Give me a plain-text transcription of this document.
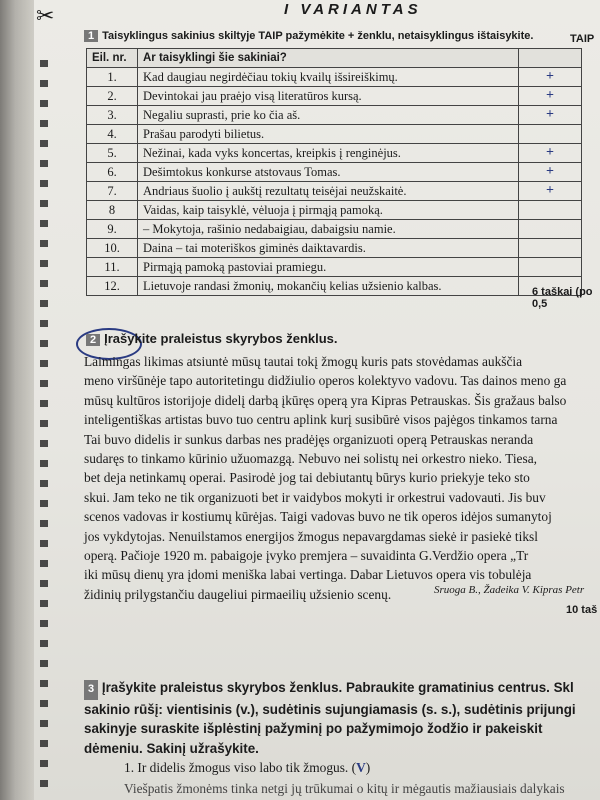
✂	I VARIANTAS
1 Taisyklingus sakinius skiltyje TAIP pažymėkite + ženklu, netaisyklingus ištaisykite.	TAIP
Eil. nr.	Ar taisyklingi šie sakiniai?	
1.	Kad daugiau negirdėčiau tokių kvailų išsireiškimų.	+
2.	Devintokai jau praėjo visą literatūros kursą.	+
3.	Negaliu suprasti, prie ko čia aš.	+
4.	Prašau parodyti bilietus.	
5.	Nežinai, kada vyks koncertas, kreipkis į renginėjus.	+
6.	Dešimtokus konkurse atstovaus Tomas.	+
7.	Andriaus šuolio į aukštį rezultatų teisėjai neužskaitė.	+
8	Vaidas, kaip taisyklė, vėluoja į pirmąją pamoką.	
9.	– Mokytoja, rašinio nedabaigiau, dabaigsiu namie.	
10.	Daina – tai moteriškos giminės daiktavardis.	
11.	Pirmąją pamoką pastoviai pramiegu.	
12.	Lietuvoje randasi žmonių, mokančių kelias užsienio kalbas.		6 taškai (po 0,5
2 Įrašykite praleistus skyrybos ženklus.
Laimingas likimas atsiuntė mūsų tautai tokį žmogų kuris pats stovėdamas aukščia
meno viršūnėje tapo autoritetingu didžiulio operos kolektyvo vadovu. Tas dainos meno ga
mūsų kultūros istorijoje didelį darbą įkūręs operą yra Kipras Petrauskas. Šis gražaus balso
inteligentiškas artistas buvo tuo centru aplink kurį susibūrė visos pajėgos tinkamos tarna
Tai buvo didelis ir sunkus darbas nes pradėjęs organizuoti operą Petrauskas nerandа
sudaręs to tinkamo kūrinio užuomazgą. Nebuvo nei solistų nei orkestro nieko. Tiesa,
bet deja netinkamų operai. Pasirodė jog tai debiutantų būrys kurio priekyje teko sto
skui. Jam teko ne tik organizuoti bet ir vaidybos mokyti ir orkestrui vadovauti. Jis buv
scenos vadovas ir kostiumų kūrėjas. Taigi vadovas buvo ne tik operos idėjos sumanytoj
jos vykdytojas. Nenuilstamos energijos žmogus nepavargdamas siekė ir pasiekė tiksl
operą. Pačioje 1920 m. pabaigoje įvyko premjera – suvaidinta G.Verdžio opera „Tr
iki mūsų dienų yra įdomi meniška labai vertinga. Dabar Lietuvos opera vis tobulėja
židinių prilygstančiu daugeliui pirmaeilių užsienio scenų.	Sruoga B., Žadeika V. Kipras Petr
10 taš
3 Įrašykite praleistus skyrybos ženklus. Pabraukite gramatinius centrus. Skl
sakinio rūšį: vientisinis (v.), sudėtinis sujungiamasis (s. s.), sudėtinis prijungi
sakinyje suraskite išplėstinį pažyminį po pažymimojo žodžio ir pakeiskit
dėmeniu. Sakinį užrašykite.
1. Ir didelis žmogus viso labo tik žmogus. (V)
Viešpatis žmonėms tinka netgi jų trūkumai o kitų ir mėgautis mažiausiais dalykais
